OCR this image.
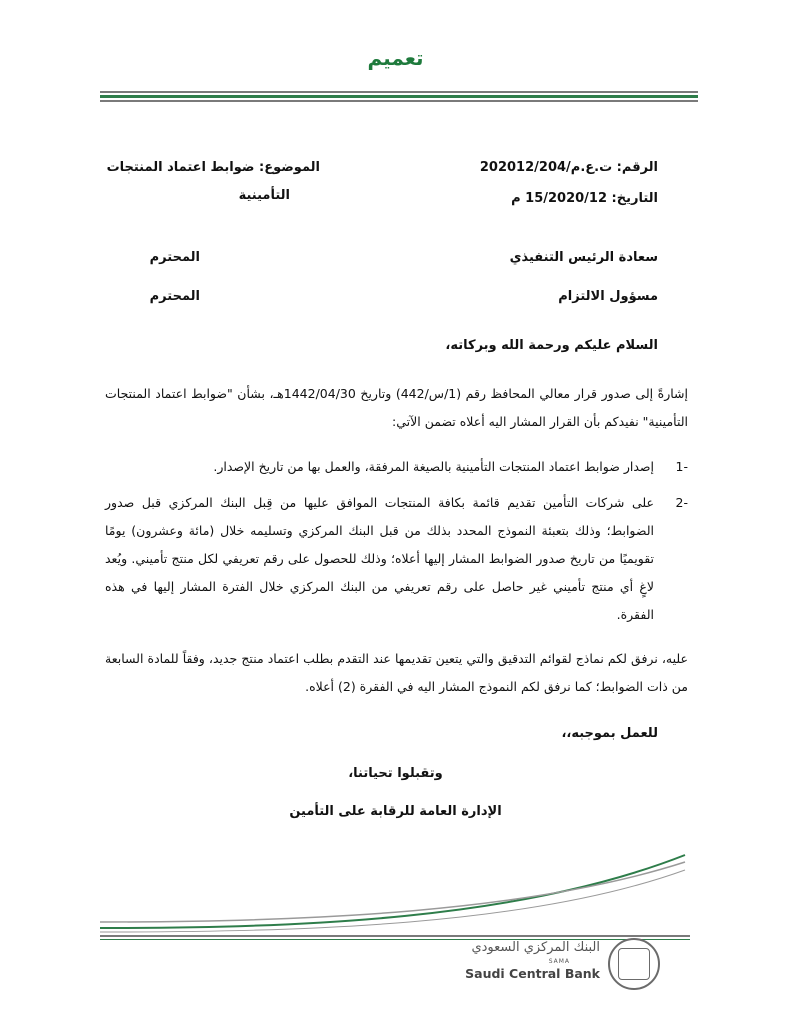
تعميم
الرقم: ت.ع.م/202012/204
التاريخ: 15/2020/12 م
الموضوع: ضوابط اعتماد المنتجات
التأمينية
سعادة الرئيس التنفيذي
المحترم
مسؤول الالتزام
المحترم
السلام عليكم ورحمة الله وبركاته،
إشارةً إلى صدور قرار معالي المحافظ رقم (1/س/442) وتاريخ 1442/04/30هـ، بشأن "ضوابط اعتماد المنتجات التأمينية" نفيدكم بأن القرار المشار اليه أعلاه تضمن الآتي:
-1
إصدار ضوابط اعتماد المنتجات التأمينية بالصيغة المرفقة، والعمل بها من تاريخ الإصدار.
-2
على شركات التأمين تقديم قائمة بكافة المنتجات الموافق عليها من قِبل البنك المركزي قبل صدور الضوابط؛ وذلك بتعبئة النموذج المحدد بذلك من قبل البنك المركزي وتسليمه خلال (مائة وعشرون) يومًا تقويميًا من تاريخ صدور الضوابط المشار إليها أعلاه؛ وذلك للحصول على رقم تعريفي لكل منتج تأميني. ويُعد لاغٍ أي منتج تأميني غير حاصل على رقم تعريفي من البنك المركزي خلال الفترة المشار إليها في هذه الفقرة.
عليه، نرفق لكم نماذج لقوائم التدقيق والتي يتعين تقديمها عند التقدم بطلب اعتماد منتج جديد، وفقاً للمادة السابعة من ذات الضوابط؛ كما نرفق لكم النموذج المشار اليه في الفقرة (2) أعلاه.
للعمل بموجبه،،
وتقبلوا تحياتنا،
الإدارة العامة للرقابة على التأمين
البنك المركزي السعودي
SAMA
Saudi Central Bank
